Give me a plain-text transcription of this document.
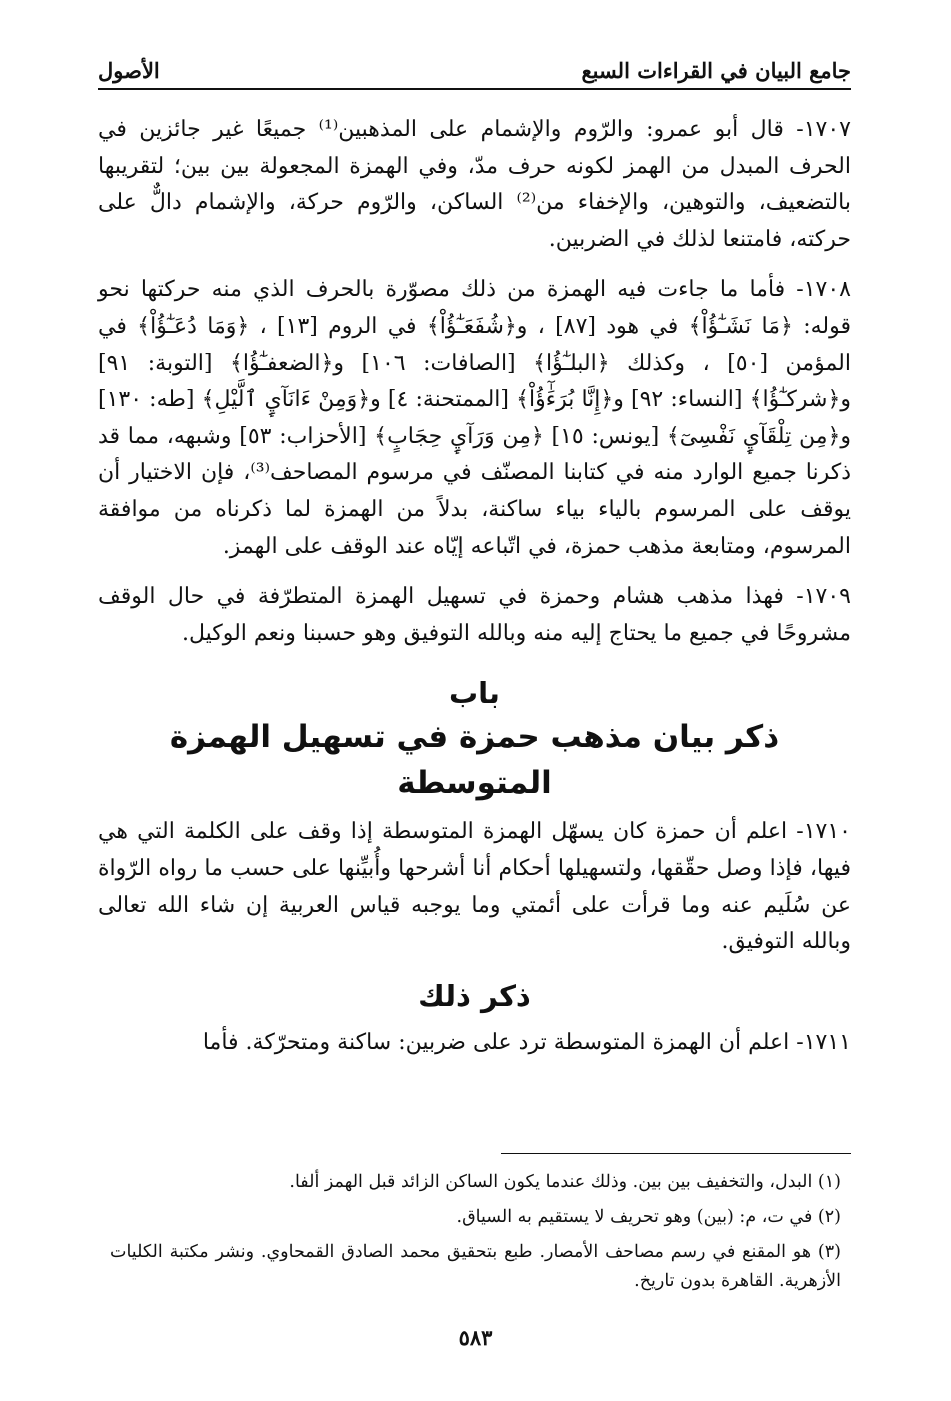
جامع البيان في القراءات السبع
الأصول

١٧٠٧- قال أبو عمرو: والرّوم والإشمام على المذهبين⁽¹⁾ جميعًا غير جائزين في الحرف المبدل من الهمز لكونه حرف مدّ، وفي الهمزة المجعولة بين بين؛ لتقريبها بالتضعيف، والتوهين، والإخفاء من⁽²⁾ الساكن، والرّوم حركة، والإشمام دالٌّ على حركته، فامتنعا لذلك في الضربين.

١٧٠٨- فأما ما جاءت فيه الهمزة من ذلك مصوّرة بالحرف الذي منه حركتها نحو قوله: ﴿مَا نَشَـٰٓؤُاْ﴾ في هود [٨٧] ، و﴿شُفَعَـٰٓؤُاْ﴾ في الروم [١٣] ، ﴿وَمَا دُعَـٰٓؤُاْ﴾ في المؤمن [٥٠] ، وكذلك ﴿البلـٰٓؤُا﴾ [الصافات: ١٠٦] و﴿الضعفـٰٓؤُا﴾ [التوبة: ٩١] و﴿شركـٰٓؤُا﴾ [النساء: ٩٢] و﴿إِنَّا بُرَءَٰٓؤُاْ﴾ [الممتحنة: ٤] و﴿وَمِنْ ءَانَآيِٕ ٱلَّيْلِ﴾ [طه: ١٣٠] و﴿مِن تِلْقَآيِٕ نَفْسِىٓ﴾ [يونس: ١٥] ﴿مِن وَرَآيِٕ حِجَابٍ﴾ [الأحزاب: ٥٣] وشبهه، مما قد ذكرنا جميع الوارد منه في كتابنا المصنّف في مرسوم المصاحف⁽³⁾، فإن الاختيار أن يوقف على المرسوم بالياء بياء ساكنة، بدلاً من الهمزة لما ذكرناه من موافقة المرسوم، ومتابعة مذهب حمزة، في اتّباعه إيّاه عند الوقف على الهمز.

١٧٠٩- فهذا مذهب هشام وحمزة في تسهيل الهمزة المتطرّفة في حال الوقف مشروحًا في جميع ما يحتاج إليه منه وبالله التوفيق وهو حسبنا ونعم الوكيل.

باب
ذكر بيان مذهب حمزة في تسهيل الهمزة المتوسطة

١٧١٠- اعلم أن حمزة كان يسهّل الهمزة المتوسطة إذا وقف على الكلمة التي هي فيها، فإذا وصل حقّقها، ولتسهيلها أحكام أنا أشرحها وأُبيِّنها على حسب ما رواه الرّواة عن سُلَيم عنه وما قرأت على أئمتي وما يوجبه قياس العربية إن شاء الله تعالى وبالله التوفيق.

ذكر ذلك

١٧١١- اعلم أن الهمزة المتوسطة ترد على ضربين: ساكنة ومتحرّكة. فأما

(١) البدل، والتخفيف بين بين. وذلك عندما يكون الساكن الزائد قبل الهمز ألفا.

(٢) في ت، م: (بين) وهو تحريف لا يستقيم به السياق.

(٣) هو المقنع في رسم مصاحف الأمصار. طبع بتحقيق محمد الصادق القمحاوي. ونشر مكتبة الكليات الأزهرية. القاهرة بدون تاريخ.

٥٨٣
